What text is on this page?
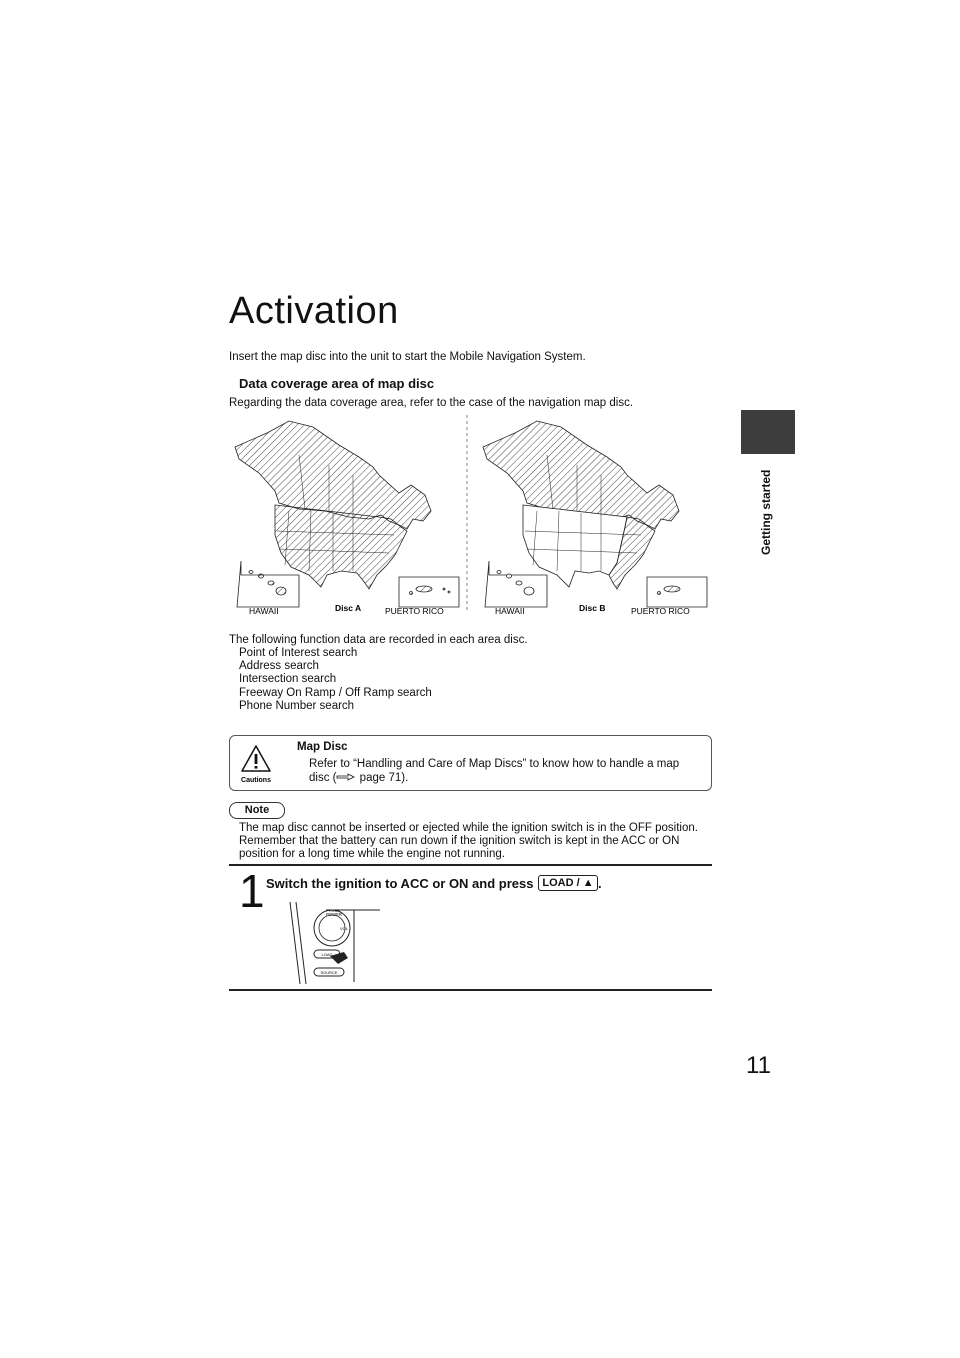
Getting started
Activation
Insert the map disc into the unit to start the Mobile Navigation System.
Data coverage area of map disc
Regarding the data coverage area, refer to the case of the navigation map disc.
HAWAII	Disc A	PUERTO RICO	HAWAII	Disc B	PUERTO RICO
The following function data are recorded in each area disc.
Point of Interest search
Address search
Intersection search
Freeway On Ramp / Off Ramp search
Phone Number search
Cautions
Map Disc
Refer to “Handling and Care of Map Discs” to know how to handle a map disc ( page 71).
Note
The map disc cannot be inserted or ejected while the ignition switch is in the OFF position. Remember that the battery can run down if the ignition switch is kept in the ACC or ON position for a long time while the engine not running.
1 Switch the ignition to ACC or ON and press LOAD / ▲ .
PUSH
POWER
VOL
LOAD
SOURCE
11
